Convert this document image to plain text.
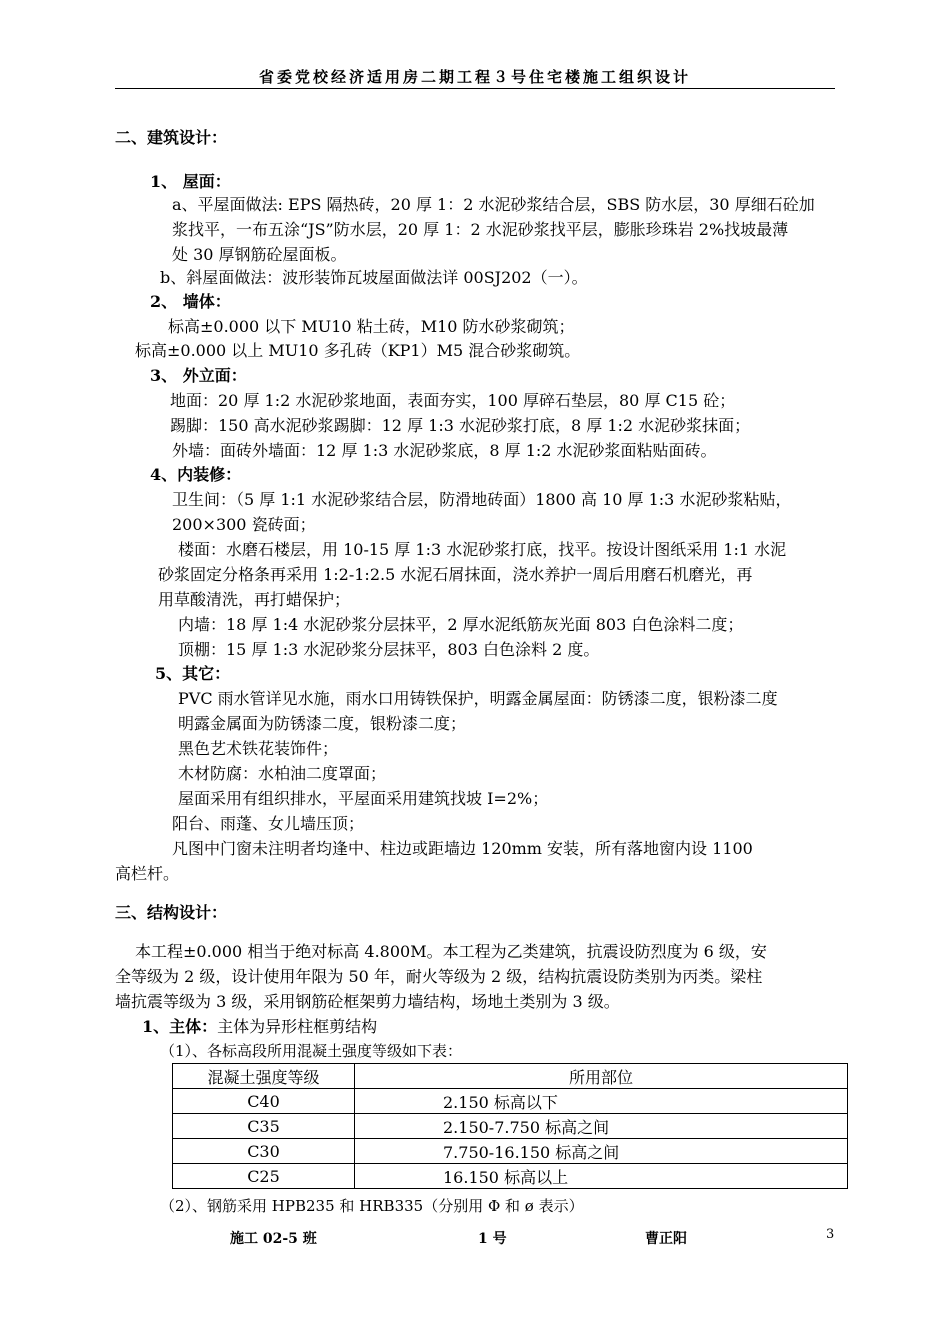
省委党校经济适用房二期工程３号住宅楼施工组织设计
二、建筑设计：
1、 屋面：
a、平屋面做法: EPS 隔热砖，20 厚 1：2 水泥砂浆结合层，SBS 防水层，30 厚细石砼加
浆找平，一布五涂“JS”防水层，20 厚 1：2 水泥砂浆找平层，膨胀珍珠岩 2%找坡最薄
处 30 厚钢筋砼屋面板。
b、斜屋面做法：波形装饰瓦坡屋面做法详 00SJ202（一）。
2、 墙体：
标高±0.000 以下 MU10 粘土砖，M10 防水砂浆砌筑；
标高±0.000 以上 MU10 多孔砖（KP1）M5 混合砂浆砌筑。
3、 外立面：
地面：20 厚 1:2 水泥砂浆地面，表面夯实，100 厚碎石垫层，80 厚 C15 砼；
踢脚：150 高水泥砂浆踢脚：12 厚 1:3 水泥砂浆打底，8 厚 1:2 水泥砂浆抹面；
外墙：面砖外墙面：12 厚 1:3 水泥砂浆底，8 厚 1:2 水泥砂浆面粘贴面砖。
4、内装修：
卫生间：（5 厚 1:1 水泥砂浆结合层，防滑地砖面）1800 高 10 厚 1:3 水泥砂浆粘贴，
200×300 瓷砖面；
楼面：水磨石楼层，用 10-15 厚 1:3 水泥砂浆打底，找平。按设计图纸采用 1:1 水泥
砂浆固定分格条再采用 1:2-1:2.5 水泥石屑抹面，浇水养护一周后用磨石机磨光，再
用草酸清洗，再打蜡保护；
内墙：18 厚 1:4 水泥砂浆分层抹平，2 厚水泥纸筋灰光面 803 白色涂料二度；
顶棚：15 厚 1:3 水泥砂浆分层抹平，803 白色涂料 2 度。
5、其它：
PVC 雨水管详见水施，雨水口用铸铁保护，明露金属屋面：防锈漆二度，银粉漆二度
明露金属面为防锈漆二度，银粉漆二度；
黑色艺术铁花装饰件；
木材防腐：水柏油二度罩面；
屋面采用有组织排水，平屋面采用建筑找坡 I=2%；
阳台、雨蓬、女儿墙压顶；
凡图中门窗未注明者均逢中、柱边或距墙边 120mm 安装，所有落地窗内设 1100
高栏杆。
三、结构设计：
本工程±0.000 相当于绝对标高 4.800M。本工程为乙类建筑，抗震设防烈度为 6 级，安
全等级为 2 级，设计使用年限为 50 年，耐火等级为 2 级，结构抗震设防类别为丙类。梁柱
墙抗震等级为 3 级，采用钢筋砼框架剪力墙结构，场地土类别为 3 级。
1、主体：主体为异形柱框剪结构
（1）、各标高段所用混凝土强度等级如下表：
混凝土强度等级	所用部位
C40	2.150 标高以下
C35	2.150-7.750 标高之间
C30	7.750-16.150 标高之间
C25	16.150 标高以上
（2）、钢筋采用 HPB235 和 HRB335（分别用 Φ 和 ø 表示）
施工 02-5 班	1 号	曹正阳	3
